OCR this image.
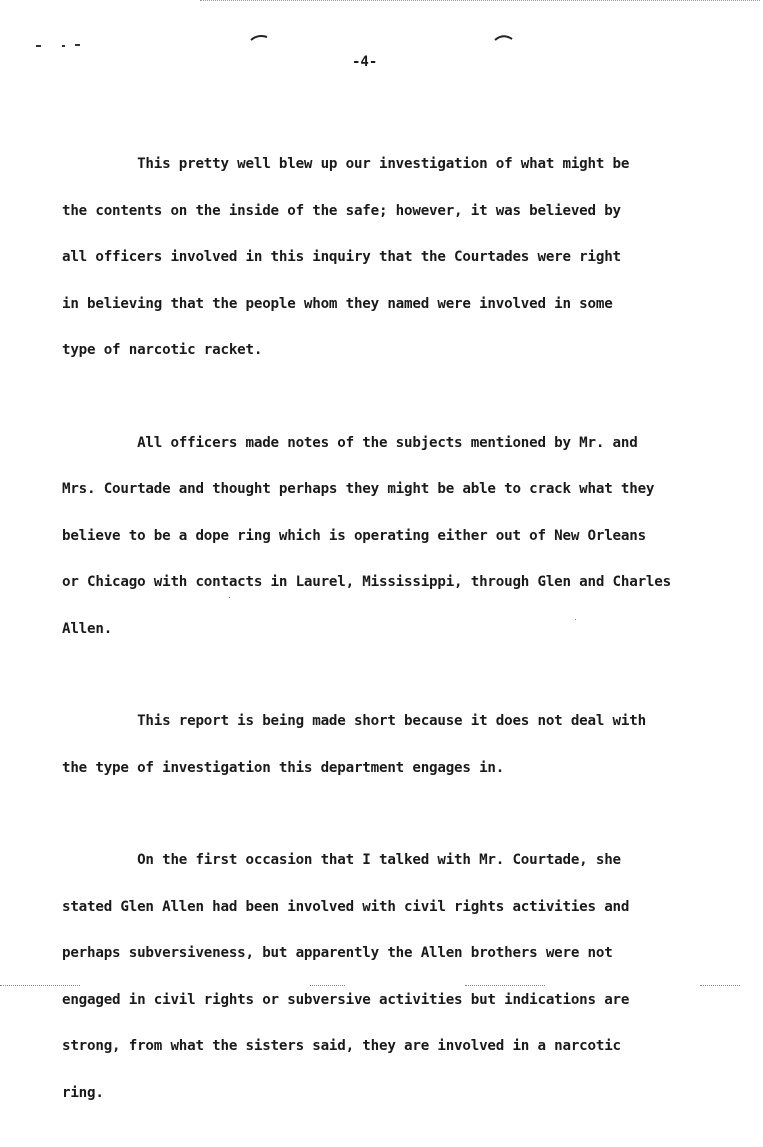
-4-

This pretty well blew up our investigation of what might be

the contents on the inside of the safe; however, it was believed by

all officers involved in this inquiry that the Courtades were right

in believing that the people whom they named were involved in some

type of narcotic racket.

All officers made notes of the subjects mentioned by Mr. and

Mrs. Courtade and thought perhaps they might be able to crack what they

believe to be a dope ring which is operating either out of New Orleans

or Chicago with contacts in Laurel, Mississippi, through Glen and Charles

Allen.

This report is being made short because it does not deal with

the type of investigation this department engages in.

On the first occasion that I talked with Mr. Courtade, she

stated Glen Allen had been involved with civil rights activities and

perhaps subversiveness, but apparently the Allen brothers were not

engaged in civil rights or subversive activities but indications are

strong, from what the sisters said, they are involved in a narcotic

ring.
